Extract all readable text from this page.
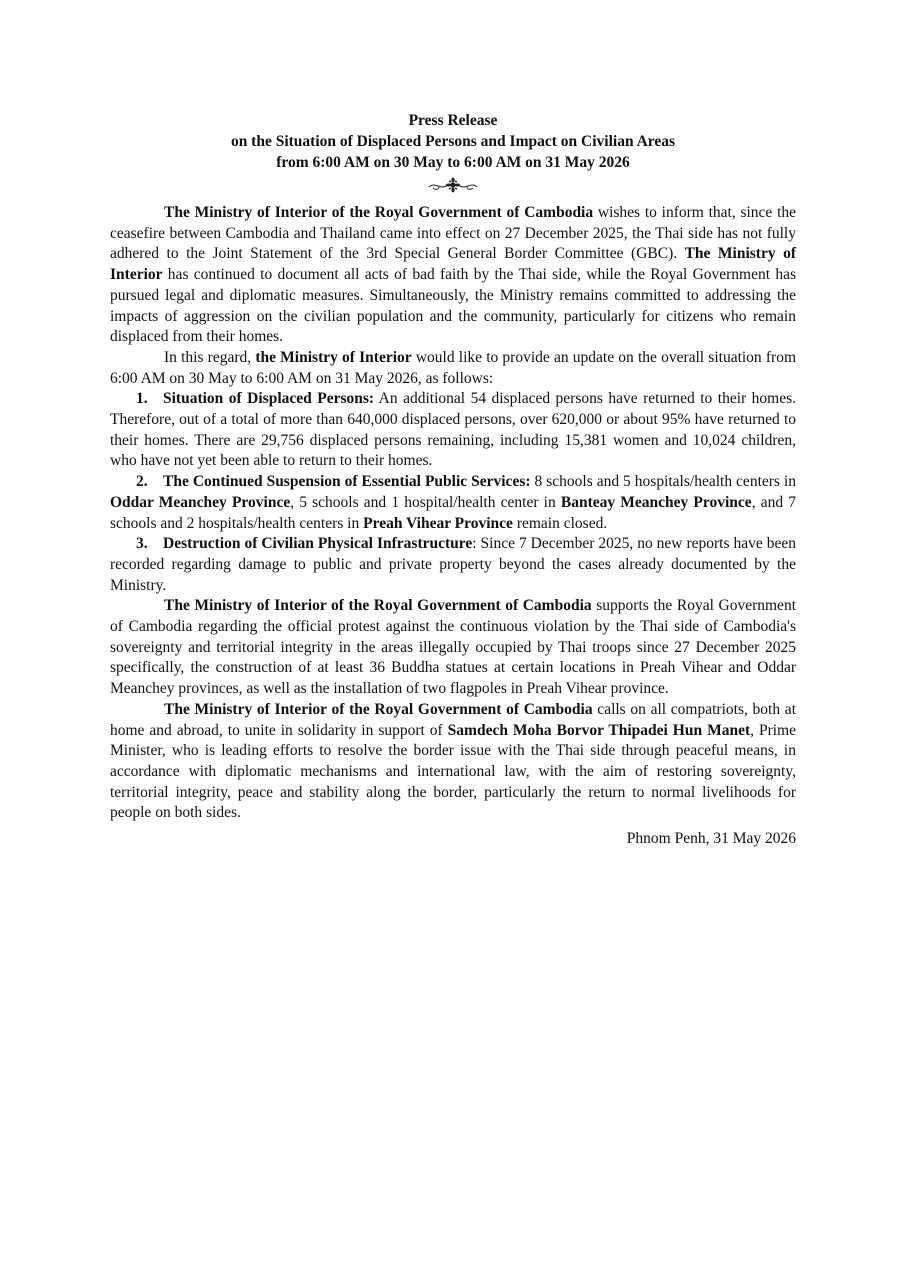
Press Release
on the Situation of Displaced Persons and Impact on Civilian Areas
from 6:00 AM on 30 May to 6:00 AM on 31 May 2026

The Ministry of Interior of the Royal Government of Cambodia wishes to inform that, since the ceasefire between Cambodia and Thailand came into effect on 27 December 2025, the Thai side has not fully adhered to the Joint Statement of the 3rd Special General Border Committee (GBC). The Ministry of Interior has continued to document all acts of bad faith by the Thai side, while the Royal Government has pursued legal and diplomatic measures. Simultaneously, the Ministry remains committed to addressing the impacts of aggression on the civilian population and the community, particularly for citizens who remain displaced from their homes.

In this regard, the Ministry of Interior would like to provide an update on the overall situation from 6:00 AM on 30 May to 6:00 AM on 31 May 2026, as follows:

1. Situation of Displaced Persons: An additional 54 displaced persons have returned to their homes. Therefore, out of a total of more than 640,000 displaced persons, over 620,000 or about 95% have returned to their homes. There are 29,756 displaced persons remaining, including 15,381 women and 10,024 children, who have not yet been able to return to their homes.

2. The Continued Suspension of Essential Public Services: 8 schools and 5 hospitals/health centers in Oddar Meanchey Province, 5 schools and 1 hospital/health center in Banteay Meanchey Province, and 7 schools and 2 hospitals/health centers in Preah Vihear Province remain closed.

3. Destruction of Civilian Physical Infrastructure: Since 7 December 2025, no new reports have been recorded regarding damage to public and private property beyond the cases already documented by the Ministry.

The Ministry of Interior of the Royal Government of Cambodia supports the Royal Government of Cambodia regarding the official protest against the continuous violation by the Thai side of Cambodia's sovereignty and territorial integrity in the areas illegally occupied by Thai troops since 27 December 2025 specifically, the construction of at least 36 Buddha statues at certain locations in Preah Vihear and Oddar Meanchey provinces, as well as the installation of two flagpoles in Preah Vihear province.

The Ministry of Interior of the Royal Government of Cambodia calls on all compatriots, both at home and abroad, to unite in solidarity in support of Samdech Moha Borvor Thipadei Hun Manet, Prime Minister, who is leading efforts to resolve the border issue with the Thai side through peaceful means, in accordance with diplomatic mechanisms and international law, with the aim of restoring sovereignty, territorial integrity, peace and stability along the border, particularly the return to normal livelihoods for people on both sides.

Phnom Penh, 31 May 2026
